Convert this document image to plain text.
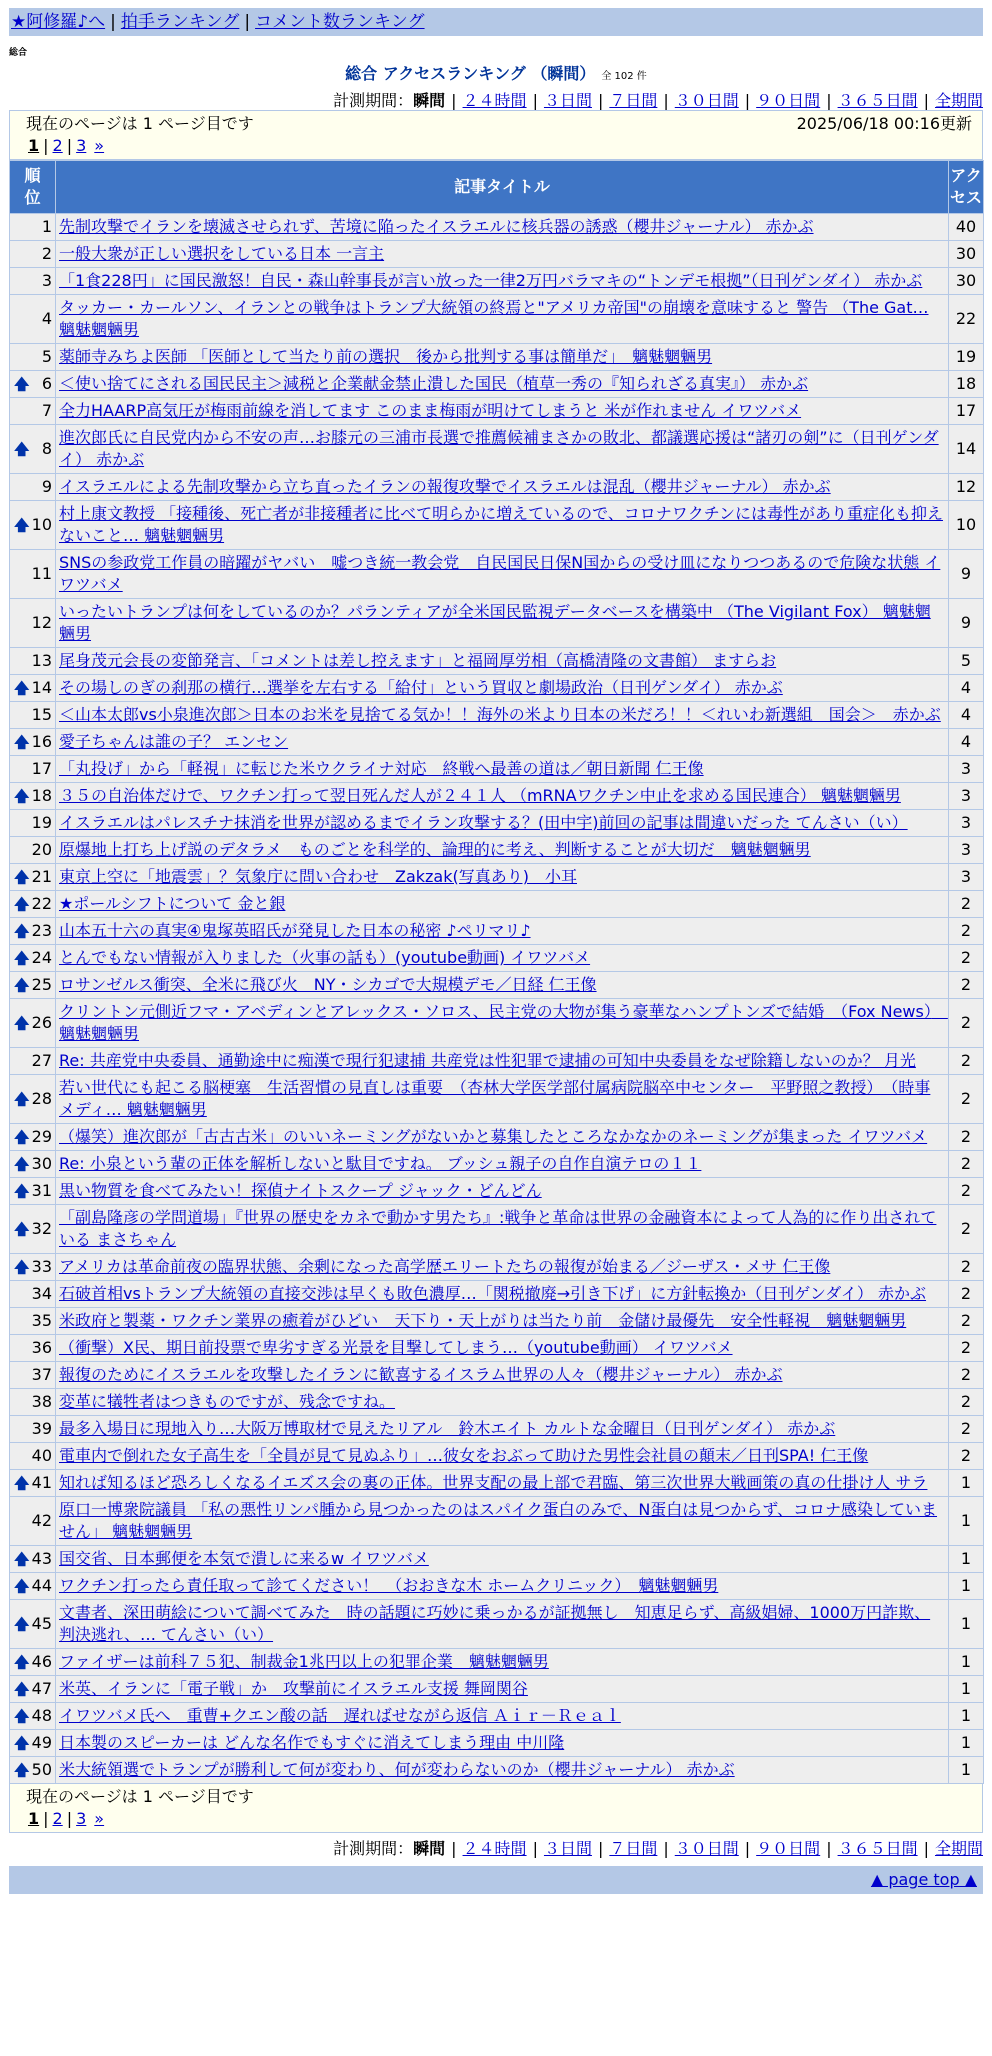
★阿修羅♪へ | 拍手ランキング | コメント数ランキング
総合
総合 アクセスランキング （瞬間） 全 102 件
計測期間：瞬間 | ２４時間 | ３日間 | ７日間 | ３０日間 | ９０日間 | ３６５日間 | 全期間
現在のページは 1 ページ目です	2025/06/18 00:16更新
1 | 2 | 3 »
順
位	記事タイトル	アク
セス
1	先制攻撃でイランを壊滅させられず、苦境に陥ったイスラエルに核兵器の誘惑（櫻井ジャーナル） 赤かぶ	40
2	一般大衆が正しい選択をしている日本 一言主	30
3	「1食228円」に国民激怒！自民・森山幹事長が言い放った一律2万円バラマキの“トンデモ根拠”（日刊ゲンダイ） 赤かぶ	30
4	タッカー・カールソン、イランとの戦争はトランプ大統領の終焉と"アメリカ帝国"の崩壊を意味すると 警告 （The Gat… 魑魅魍魎男	22
5	薬師寺みちよ医師 「医師として当たり前の選択　後から批判する事は簡単だ」　魑魅魍魎男	19

🡅 6	＜使い捨てにされる国民民主＞減税と企業献金禁止潰した国民（植草一秀の『知られざる真実』） 赤かぶ	18
7	全力HAARP高気圧が梅雨前線を消してます このまま梅雨が明けてしまうと 米が作れません イワツバメ	17

🡅 8	進次郎氏に自民党内から不安の声…お膝元の三浦市長選で推薦候補まさかの敗北、都議選応援は“諸刃の剣”に（日刊ゲンダイ） 赤かぶ	14
9	イスラエルによる先制攻撃から立ち直ったイランの報復攻撃でイスラエルは混乱（櫻井ジャーナル） 赤かぶ	12

🡅 10	村上康文教授 「接種後、死亡者が非接種者に比べて明らかに増えているので、コロナワクチンには毒性があり重症化も抑えないこと… 魑魅魍魎男	10
11	SNSの参政党工作員の暗躍がヤバい　嘘つき統一教会党　自民国民日保N国からの受け皿になりつつあるので危険な状態 イワツバメ	9
12	いったいトランプは何をしているのか？パランティアが全米国民監視データベースを構築中 （The Vigilant Fox） 魑魅魍魎男	9
13	尾身茂元会長の変節発言、「コメントは差し控えます」と福岡厚労相（高橋清隆の文書館） ますらお	5

🡅 14	その場しのぎの刹那の横行…選挙を左右する「給付」という買収と劇場政治（日刊ゲンダイ） 赤かぶ	4
15	＜山本太郎vs小泉進次郎＞日本のお米を見捨てる気か！！海外の米より日本の米だろ！！＜れいわ新選組　国会＞　赤かぶ	4

🡅 16	愛子ちゃんは誰の子？ エンセン	4
17	「丸投げ」から「軽視」に転じた米ウクライナ対応　終戦へ最善の道は／朝日新聞 仁王像	3

🡅 18	３５の自治体だけで、ワクチン打って翌日死んだ人が２４１人 （mRNAワクチン中止を求める国民連合） 魑魅魍魎男	3
19	イスラエルはパレスチナ抹消を世界が認めるまでイラン攻撃する？(田中宇)前回の記事は間違いだった てんさい（い）	3
20	原爆地上打ち上げ説のデタラメ　ものごとを科学的、論理的に考え、判断することが大切だ　魑魅魍魎男	3

🡅 21	東京上空に「地震雲」？気象庁に問い合わせ　Zakzak(写真あり)　小耳	3

🡅 22	★ポールシフトについて 金と銀	2

🡅 23	山本五十六の真実④鬼塚英昭氏が発見した日本の秘密 ♪ペリマリ♪	2

🡅 24	とんでもない情報が入りました（火事の話も）(youtube動画) イワツバメ	2

🡅 25	ロサンゼルス衝突、全米に飛び火　NY・シカゴで大規模デモ／日経 仁王像	2

🡅 26	クリントン元側近フマ・アベディンとアレックス・ソロス、民主党の大物が集う豪華なハンプトンズで結婚　（Fox News）　魑魅魍魎男	2
27	Re: 共産党中央委員、通勤途中に痴漢で現行犯逮捕 共産党は性犯罪で逮捕の可知中央委員をなぜ除籍しないのか？ 月光	2

🡅 28	若い世代にも起こる脳梗塞　生活習慣の見直しは重要　（杏林大学医学部付属病院脳卒中センター　平野照之教授）　（時事メディ… 魑魅魍魎男	2

🡅 29	（爆笑）進次郎が「古古古米」のいいネーミングがないかと募集したところなかなかのネーミングが集まった イワツバメ	2

🡅 30	Re: 小泉という輩の正体を解析しないと駄目ですね。 ブッシュ親子の自作自演テロの１１	2

🡅 31	黒い物質を食べてみたい！探偵ナイトスクープ ジャック・どんどん	2

🡅 32	「副島隆彦の学問道場」『世界の歴史をカネで動かす男たち』:戦争と革命は世界の金融資本によって人為的に作り出されている まさちゃん	2

🡅 33	アメリカは革命前夜の臨界状態、余剰になった高学歴エリートたちの報復が始まる／ジーザス・メサ 仁王像	2
34	石破首相vsトランプ大統領の直接交渉は早くも敗色濃厚…「関税撤廃→引き下げ」に方針転換か（日刊ゲンダイ） 赤かぶ	2
35	米政府と製薬・ワクチン業界の癒着がひどい　天下り・天上がりは当たり前　金儲け最優先　安全性軽視　魑魅魍魎男	2
36	（衝撃）X民、期日前投票で卑劣すぎる光景を目撃してしまう…（youtube動画） イワツバメ	2
37	報復のためにイスラエルを攻撃したイランに歓喜するイスラム世界の人々（櫻井ジャーナル） 赤かぶ	2
38	変革に犠牲者はつきものですが、残念ですね。	2
39	最多入場日に現地入り…大阪万博取材で見えたリアル　鈴木エイト カルトな金曜日（日刊ゲンダイ） 赤かぶ	2
40	電車内で倒れた女子高生を「全員が見て見ぬふり」…彼女をおぶって助けた男性会社員の顛末／日刊SPA! 仁王像	2

🡅 41	知れば知るほど恐ろしくなるイエズス会の裏の正体。世界支配の最上部で君臨、第三次世界大戦画策の真の仕掛け人 サラ	1
42	原口一博衆院議員 「私の悪性リンパ腫から見つかったのはスパイク蛋白のみで、N蛋白は見つからず、コロナ感染していません」 魑魅魍魎男	1

🡅 43	国交省、日本郵便を本気で潰しに来るw イワツバメ	1

🡅 44	ワクチン打ったら責任取って診てください！　（おおきな木 ホームクリニック）　魑魅魍魎男	1

🡅 45	文書者、深田萌絵について調べてみた　時の話題に巧妙に乗っかるが証拠無し　知恵足らず、高級娼婦、1000万円詐欺、判決逃れ、… てんさい（い）	1

🡅 46	ファイザーは前科７５犯、制裁金1兆円以上の犯罪企業　魑魅魍魎男	1

🡅 47	米英、イランに「電子戦」か　攻撃前にイスラエル支援 舞岡関谷	1

🡅 48	イワツバメ氏へ　重曹+クエン酸の話　遅ればせながら返信 Ａｉｒ－Ｒｅａｌ	1

🡅 49	日本製のスピーカーは どんな名作でもすぐに消えてしまう理由 中川隆	1

🡅 50	米大統領選でトランプが勝利して何が変わり、何が変わらないのか（櫻井ジャーナル） 赤かぶ	1
現在のページは 1 ページ目です
1 | 2 | 3 »
計測期間：瞬間 | ２４時間 | ３日間 | ７日間 | ３０日間 | ９０日間 | ３６５日間 | 全期間
▲ page top ▲
